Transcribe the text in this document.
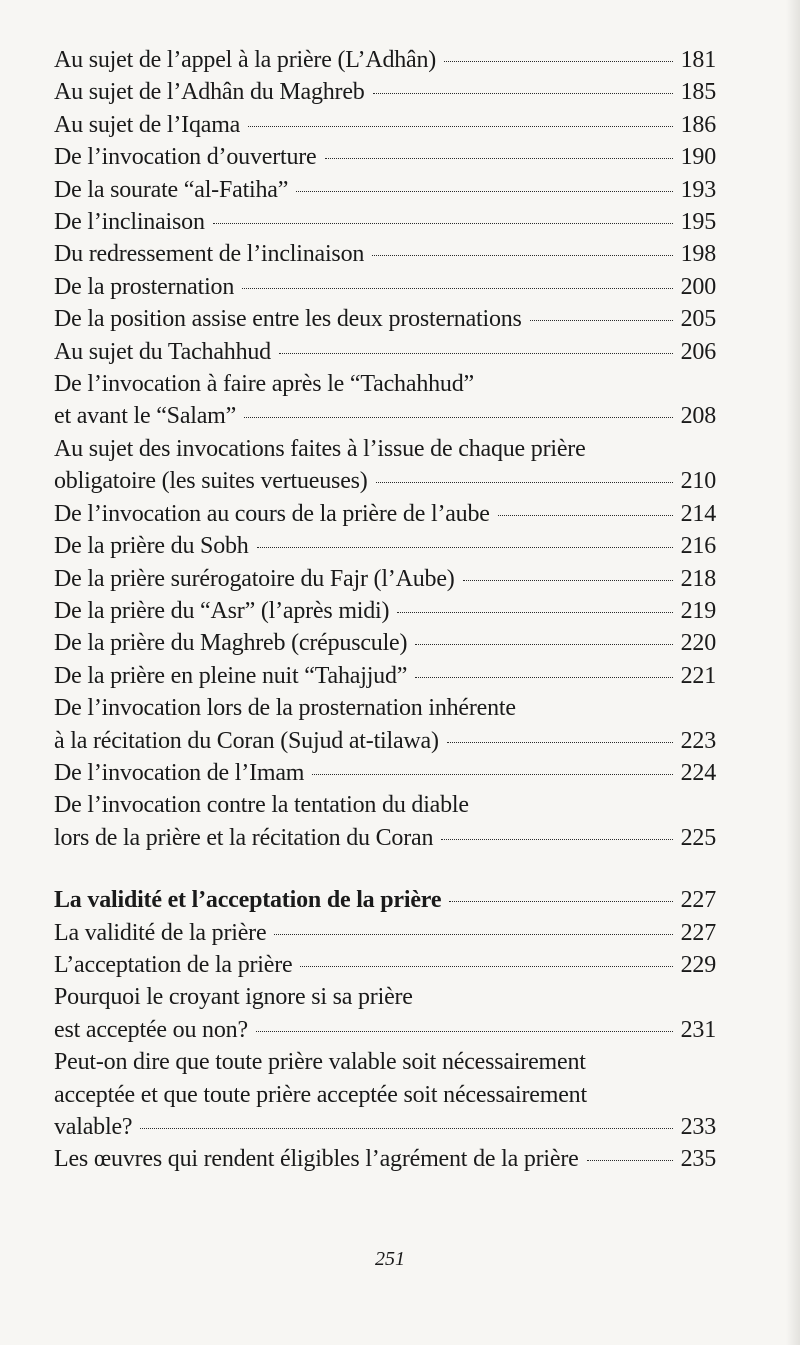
Au sujet de l’appel à la prière (L’Adhân)	181
Au sujet de l’Adhân du Maghreb	185
Au sujet de l’Iqama	186
De l’invocation d’ouverture	190
De la sourate “al-Fatiha”	193
De l’inclinaison	195
Du redressement de l’inclinaison	198
De la prosternation	200
De la position assise entre les deux prosternations	205
Au sujet du Tachahhud	206
De l’invocation à faire après le “Tachahhud”
et avant le “Salam”	208
Au sujet des invocations faites à l’issue de chaque prière
obligatoire (les suites vertueuses)	210
De l’invocation au cours de la prière de l’aube	214
De la prière du Sobh	216
De la prière surérogatoire du Fajr (l’Aube)	218
De la prière du “Asr” (l’après midi)	219
De la prière du Maghreb (crépuscule)	220
De la prière en pleine nuit “Tahajjud”	221
De l’invocation lors de la prosternation inhérente
à la récitation du Coran (Sujud at-tilawa)	223
De l’invocation de l’Imam	224
De l’invocation contre la tentation du diable
lors de la prière et la récitation du Coran	225
La validité et l’acceptation de la prière	227
La validité de la prière	227
L’acceptation de la prière	229
Pourquoi le croyant ignore si sa prière
est acceptée ou non?	231
Peut-on dire que toute prière valable soit nécessairement
acceptée et que toute prière acceptée soit nécessairement
valable?	233
Les œuvres qui rendent éligibles l’agrément de la prière	235
251
